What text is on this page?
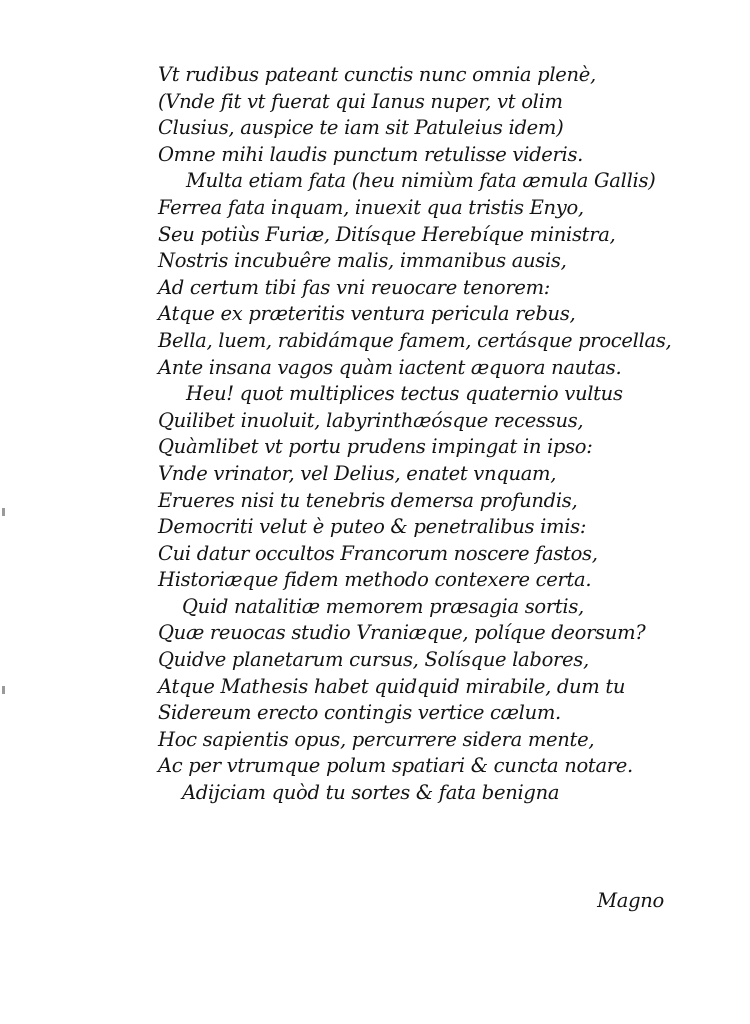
Vt rudibus pateant cunctis nunc omnia plenè,
(Vnde fit vt fuerat qui Ianus nuper, vt olim
Clusius, auspice te iam sit Patuleius idem)
Omne mihi laudis punctum retulisse videris.
Multa etiam fata (heu nimiùm fata æmula Gallis)
Ferrea fata inquam, inuexit qua tristis Enyo,
Seu potiùs Furiæ, Ditísque Herebíque ministra,
Nostris incubuêre malis, immanibus ausis,
Ad certum tibi fas vni reuocare tenorem:
Atque ex præteritis ventura pericula rebus,
Bella, luem, rabidámque famem, certásque procellas,
Ante insana vagos quàm iactent æquora nautas.
Heu! quot multiplices tectus quaternio vultus
Quilibet inuoluit, labyrinthæósque recessus,
Quàmlibet vt portu prudens impingat in ipso:
Vnde vrinator, vel Delius, enatet vnquam,
Erueres nisi tu tenebris demersa profundis,
Democriti velut è puteo & penetralibus imis:
Cui datur occultos Francorum noscere fastos,
Historiæque fidem methodo contexere certa.
Quid natalitiæ memorem præsagia sortis,
Quæ reuocas studio Vraniæque, políque deorsum?
Quidve planetarum cursus, Solísque labores,
Atque Mathesis habet quidquid mirabile, dum tu
Sidereum erecto contingis vertice cælum.
Hoc sapientis opus, percurrere sidera mente,
Ac per vtrumque polum spatiari & cuncta notare.
Adijciam quòd tu sortes & fata benigna
Magno
